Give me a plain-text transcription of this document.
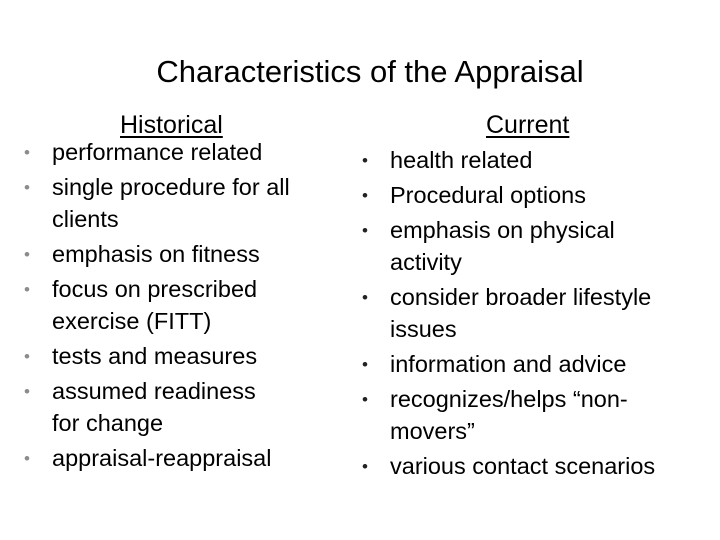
Characteristics of the Appraisal
Historical
• performance related
• single procedure for all
clients
• emphasis on fitness
• focus on prescribed
exercise (FITT)
• tests and measures
• assumed readiness
for change
• appraisal-reappraisal
Current
• health related
• Procedural options
• emphasis on physical
activity
• consider broader lifestyle
issues
• information and advice
• recognizes/helps “non-
movers”
• various contact scenarios
